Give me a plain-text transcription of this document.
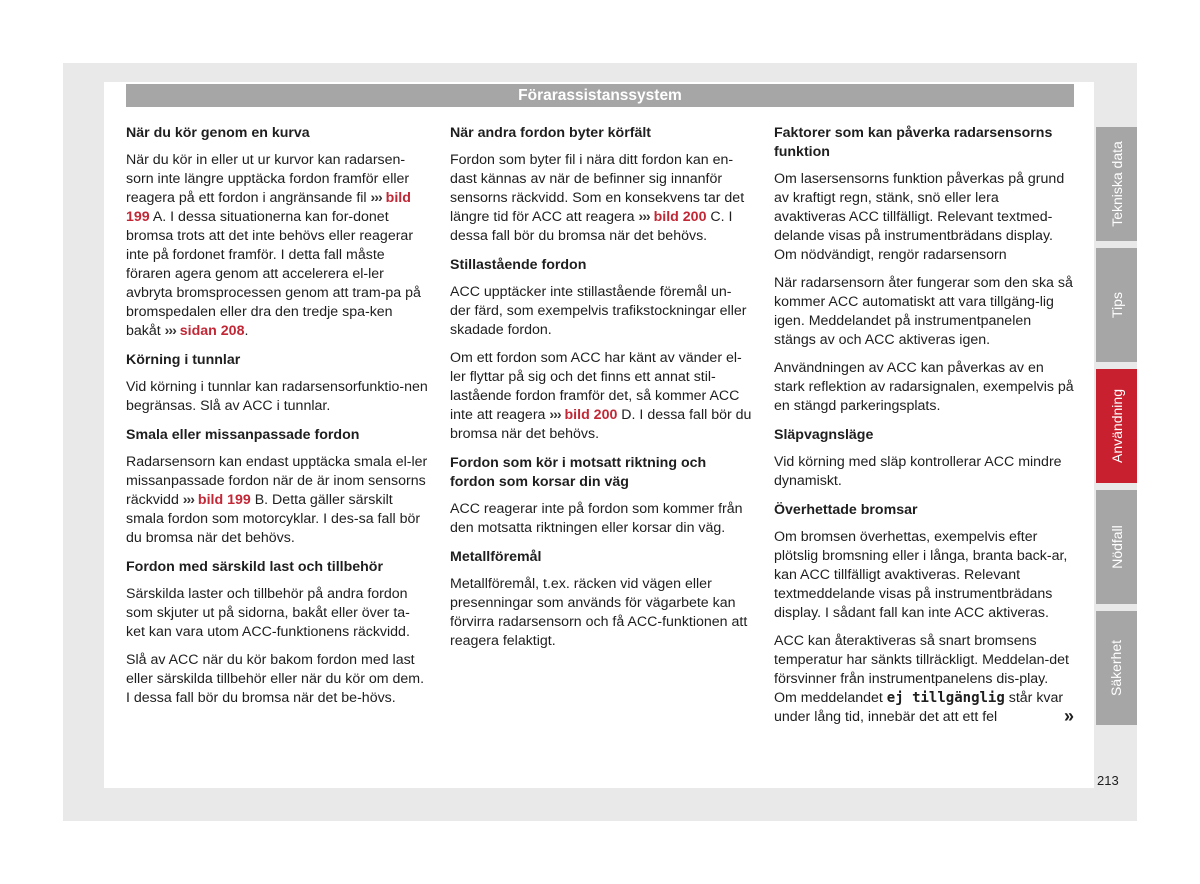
Förarassistanssystem
När du kör genom en kurva

När du kör in eller ut ur kurvor kan radarsen-sorn inte längre upptäcka fordon framför eller reagera på ett fordon i angränsande fil ››› bild 199 A. I dessa situationerna kan for-donet bromsa trots att det inte behövs eller reagerar inte på fordonet framför. I detta fall måste föraren agera genom att accelerera el-ler avbryta bromsprocessen genom att tram-pa på bromspedalen eller dra den tredje spa-ken bakåt ››› sidan 208.

Körning i tunnlar

Vid körning i tunnlar kan radarsensorfunktio-nen begränsas. Slå av ACC i tunnlar.

Smala eller missanpassade fordon

Radarsensorn kan endast upptäcka smala el-ler missanpassade fordon när de är inom sensorns räckvidd ››› bild 199 B. Detta gäller särskilt smala fordon som motorcyklar. I des-sa fall bör du bromsa när det behövs.

Fordon med särskild last och tillbehör

Särskilda laster och tillbehör på andra fordon som skjuter ut på sidorna, bakåt eller över ta-ket kan vara utom ACC-funktionens räckvidd.

Slå av ACC när du kör bakom fordon med last eller särskilda tillbehör eller när du kör om dem. I dessa fall bör du bromsa när det be-hövs.

När andra fordon byter körfält

Fordon som byter fil i nära ditt fordon kan en-dast kännas av när de befinner sig innanför sensorns räckvidd. Som en konsekvens tar det längre tid för ACC att reagera ››› bild 200 C. I dessa fall bör du bromsa när det behövs.

Stillastående fordon

ACC upptäcker inte stillastående föremål un-der färd, som exempelvis trafikstockningar eller skadade fordon.

Om ett fordon som ACC har känt av vänder el-ler flyttar på sig och det finns ett annat stil-lastående fordon framför det, så kommer ACC inte att reagera ››› bild 200 D. I dessa fall bör du bromsa när det behövs.

Fordon som kör i motsatt riktning och fordon som korsar din väg

ACC reagerar inte på fordon som kommer från den motsatta riktningen eller korsar din väg.

Metallföremål

Metallföremål, t.ex. räcken vid vägen eller presenningar som används för vägarbete kan förvirra radarsensorn och få ACC-funktionen att reagera felaktigt.

Faktorer som kan påverka radarsensorns funktion

Om lasersensorns funktion påverkas på grund av kraftigt regn, stänk, snö eller lera avaktiveras ACC tillfälligt. Relevant textmed-delande visas på instrumentbrädans display. Om nödvändigt, rengör radarsensorn

När radarsensorn åter fungerar som den ska så kommer ACC automatiskt att vara tillgäng-lig igen. Meddelandet på instrumentpanelen stängs av och ACC aktiveras igen.

Användningen av ACC kan påverkas av en stark reflektion av radarsignalen, exempelvis på en stängd parkeringsplats.

Släpvagnsläge

Vid körning med släp kontrollerar ACC mindre dynamiskt.

Överhettade bromsar

Om bromsen överhettas, exempelvis efter plötslig bromsning eller i långa, branta back-ar, kan ACC tillfälligt avaktiveras. Relevant textmeddelande visas på instrumentbrädans display. I sådant fall kan inte ACC aktiveras.

ACC kan återaktiveras så snart bromsens temperatur har sänkts tillräckligt. Meddelan-det försvinner från instrumentpanelens dis-play. Om meddelandet ej tillgänglig står kvar under lång tid, innebär det att ett fel	»

Tekniska data
Tips
Användning
Nödfall
Säkerhet
213
